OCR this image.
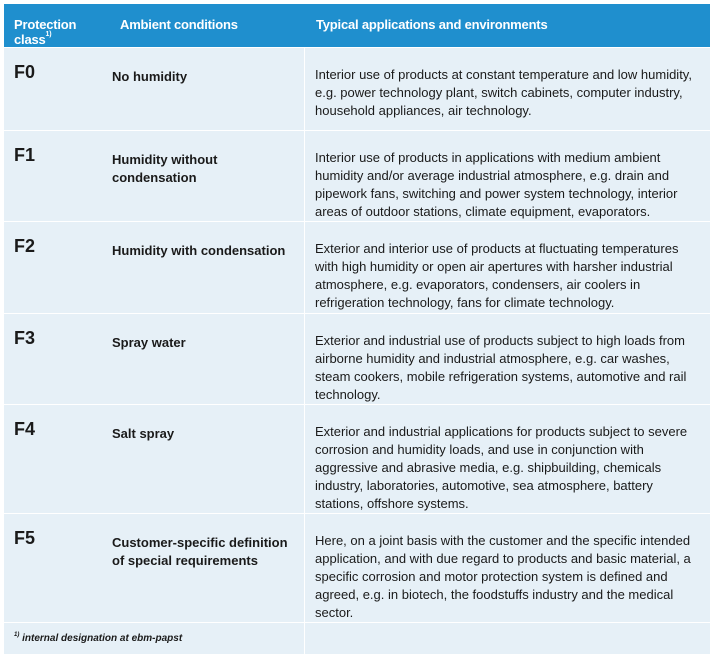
Protection class$^{1)}$	Ambient conditions	Typical applications and environments
F0	No humidity	Interior use of products at constant temperature and low humidity, e.g. power technology plant, switch cabinets, computer industry, household appliances, air technology.
F1	Humidity without condensation	Interior use of products in applications with medium ambient humidity and/or average industrial atmosphere, e.g. drain and pipework fans, switching and power system technology, interior areas of outdoor stations, climate equipment, evaporators.
F2	Humidity with condensation	Exterior and interior use of products at fluctuating temperatures with high humidity or open air apertures with harsher industrial atmosphere, e.g. evaporators, condensers, air coolers in refrigeration technology, fans for climate technology.
F3	Spray water	Exterior and industrial use of products subject to high loads from airborne humidity and industrial atmosphere, e.g. car washes, steam cookers, mobile refrigeration systems, automotive and rail technology.
F4	Salt spray	Exterior and industrial applications for products subject to severe corrosion and humidity loads, and use in conjunction with aggressive and abrasive media, e.g. shipbuilding, chemicals industry, laboratories, automotive, sea atmosphere, battery stations, offshore systems.
F5	Customer-specific definition of special requirements	Here, on a joint basis with the customer and the specific intended application, and with due regard to products and basic material, a specific corrosion and motor protection system is defined and agreed, e.g. in biotech, the foodstuffs industry and the medical sector.
$^{1)}$ internal designation at ebm-papst		
